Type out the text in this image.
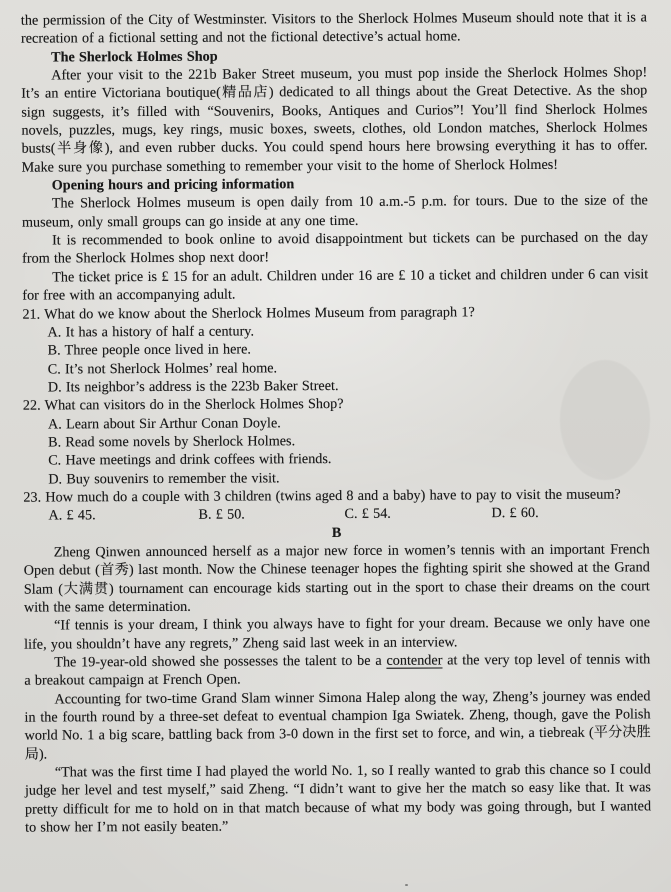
the permission of the City of Westminster. Visitors to the Sherlock Holmes Museum should note that it is a recreation of a fictional setting and not the fictional detective’s actual home.

The Sherlock Holmes Shop

After your visit to the 221b Baker Street museum, you must pop inside the Sherlock Holmes Shop! It’s an entire Victoriana boutique(精品店) dedicated to all things about the Great Detective. As the shop sign suggests, it’s filled with “Souvenirs, Books, Antiques and Curios”! You’ll find Sherlock Holmes novels, puzzles, mugs, key rings, music boxes, sweets, clothes, old London matches, Sherlock Holmes busts(半身像), and even rubber ducks. You could spend hours here browsing everything it has to offer. Make sure you purchase something to remember your visit to the home of Sherlock Holmes!

Opening hours and pricing information

The Sherlock Holmes museum is open daily from 10 a.m.-5 p.m. for tours. Due to the size of the museum, only small groups can go inside at any one time.

It is recommended to book online to avoid disappointment but tickets can be purchased on the day from the Sherlock Holmes shop next door!

The ticket price is £ 15 for an adult. Children under 16 are £ 10 a ticket and children under 6 can visit for free with an accompanying adult.

21. What do we know about the Sherlock Holmes Museum from paragraph 1?

A. It has a history of half a century.

B. Three people once lived in here.

C. It’s not Sherlock Holmes’ real home.

D. Its neighbor’s address is the 223b Baker Street.

22. What can visitors do in the Sherlock Holmes Shop?

A. Learn about Sir Arthur Conan Doyle.

B. Read some novels by Sherlock Holmes.

C. Have meetings and drink coffees with friends.

D. Buy souvenirs to remember the visit.

23. How much do a couple with 3 children (twins aged 8 and a baby) have to pay to visit the museum?

A. £ 45.	B. £ 50.	C. £ 54.	D. £ 60.

B

Zheng Qinwen announced herself as a major new force in women’s tennis with an important French Open debut (首秀) last month. Now the Chinese teenager hopes the fighting spirit she showed at the Grand Slam (大满贯) tournament can encourage kids starting out in the sport to chase their dreams on the court with the same determination.

“If tennis is your dream, I think you always have to fight for your dream. Because we only have one life, you shouldn’t have any regrets,” Zheng said last week in an interview.

The 19-year-old showed she possesses the talent to be a contender at the very top level of tennis with a breakout campaign at French Open.

Accounting for two-time Grand Slam winner Simona Halep along the way, Zheng’s journey was ended in the fourth round by a three-set defeat to eventual champion Iga Swiatek. Zheng, though, gave the Polish world No. 1 a big scare, battling back from 3-0 down in the first set to force, and win, a tiebreak (平分决胜局).

“That was the first time I had played the world No. 1, so I really wanted to grab this chance so I could judge her level and test myself,” said Zheng. “I didn’t want to give her the match so easy like that. It was pretty difficult for me to hold on in that match because of what my body was going through, but I wanted to show her I’m not easily beaten.”
